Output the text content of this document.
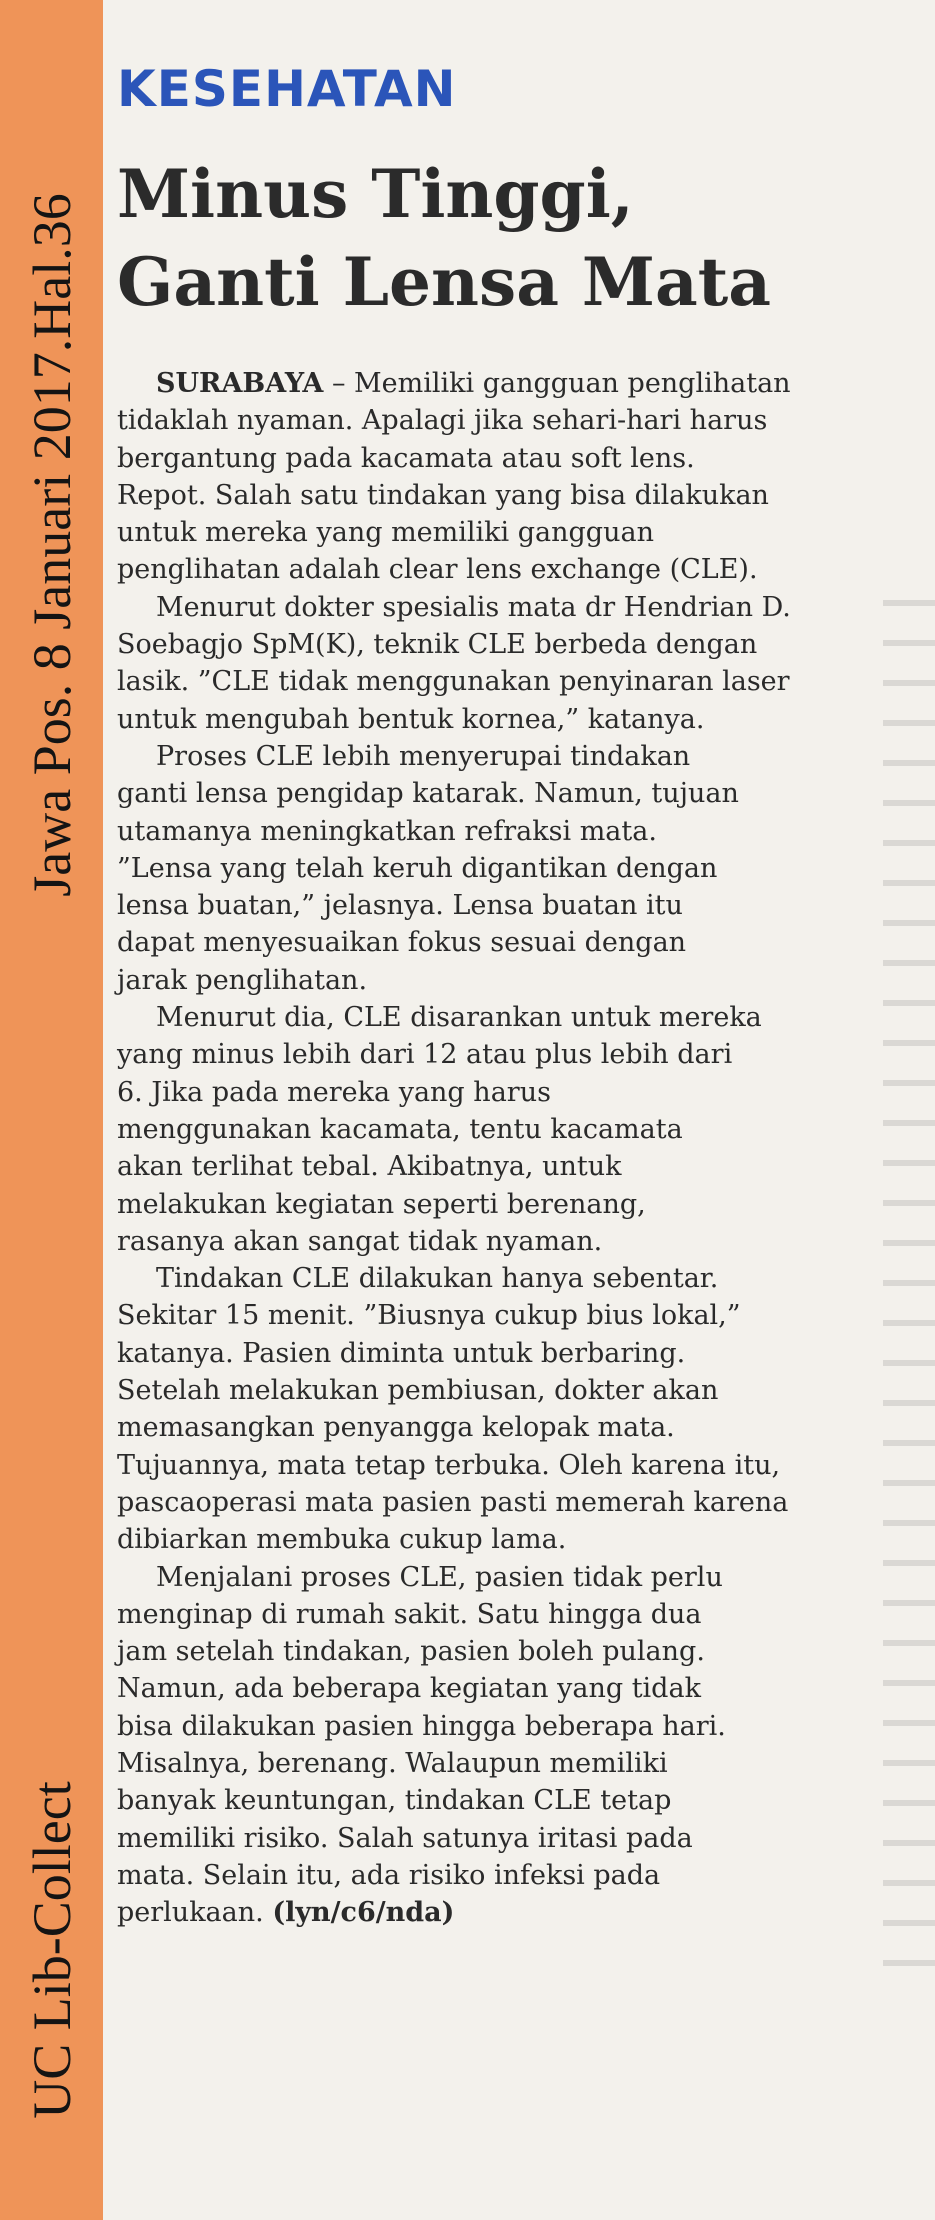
Jawa Pos. 8 Januari 2017.Hal.36
UC Lib-Collect
KESEHATAN
Minus Tinggi,
Ganti Lensa Mata
SURABAYA – Memiliki gangguan penglihatan
tidaklah nyaman. Apalagi jika sehari-hari harus
bergantung pada kacamata atau soft lens.
Repot. Salah satu tindakan yang bisa dilakukan
untuk mereka yang memiliki gangguan
penglihatan adalah clear lens exchange (CLE).
Menurut dokter spesialis mata dr Hendrian D.
Soebagjo SpM(K), teknik CLE berbeda dengan
lasik. ”CLE tidak menggunakan penyinaran laser
untuk mengubah bentuk kornea,” katanya.
Proses CLE lebih menyerupai tindakan
ganti lensa pengidap katarak. Namun, tujuan
utamanya meningkatkan refraksi mata.
”Lensa yang telah keruh digantikan dengan
lensa buatan,” jelasnya. Lensa buatan itu
dapat menyesuaikan fokus sesuai dengan
jarak penglihatan.
Menurut dia, CLE disarankan untuk mereka
yang minus lebih dari 12 atau plus lebih dari
6. Jika pada mereka yang harus
menggunakan kacamata, tentu kacamata
akan terlihat tebal. Akibatnya, untuk
melakukan kegiatan seperti berenang,
rasanya akan sangat tidak nyaman.
Tindakan CLE dilakukan hanya sebentar.
Sekitar 15 menit. ”Biusnya cukup bius lokal,”
katanya. Pasien diminta untuk berbaring.
Setelah melakukan pembiusan, dokter akan
memasangkan penyangga kelopak mata.
Tujuannya, mata tetap terbuka. Oleh karena itu,
pascaoperasi mata pasien pasti memerah karena
dibiarkan membuka cukup lama.
Menjalani proses CLE, pasien tidak perlu
menginap di rumah sakit. Satu hingga dua
jam setelah tindakan, pasien boleh pulang.
Namun, ada beberapa kegiatan yang tidak
bisa dilakukan pasien hingga beberapa hari.
Misalnya, berenang. Walaupun memiliki
banyak keuntungan, tindakan CLE tetap
memiliki risiko. Salah satunya iritasi pada
mata. Selain itu, ada risiko infeksi pada
perlukaan. (lyn/c6/nda)
